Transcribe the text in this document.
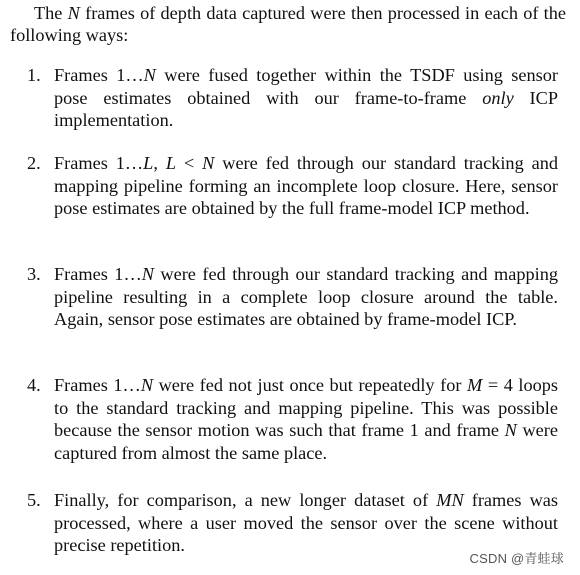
The N frames of depth data captured were then processed in each of the following ways:

1. Frames 1…N were fused together within the TSDF using sensor pose estimates obtained with our frame-to-frame only ICP implementation.

2. Frames 1…L, L < N were fed through our standard tracking and mapping pipeline forming an incomplete loop closure. Here, sensor pose estimates are obtained by the full frame-model ICP method.

3. Frames 1…N were fed through our standard tracking and mapping pipeline resulting in a complete loop closure around the table. Again, sensor pose estimates are obtained by frame-model ICP.

4. Frames 1…N were fed not just once but repeatedly for M = 4 loops to the standard tracking and mapping pipeline. This was possible because the sensor motion was such that frame 1 and frame N were captured from almost the same place.

5. Finally, for comparison, a new longer dataset of MN frames was processed, where a user moved the sensor over the scene without precise repetition.

CSDN @青蛙球
